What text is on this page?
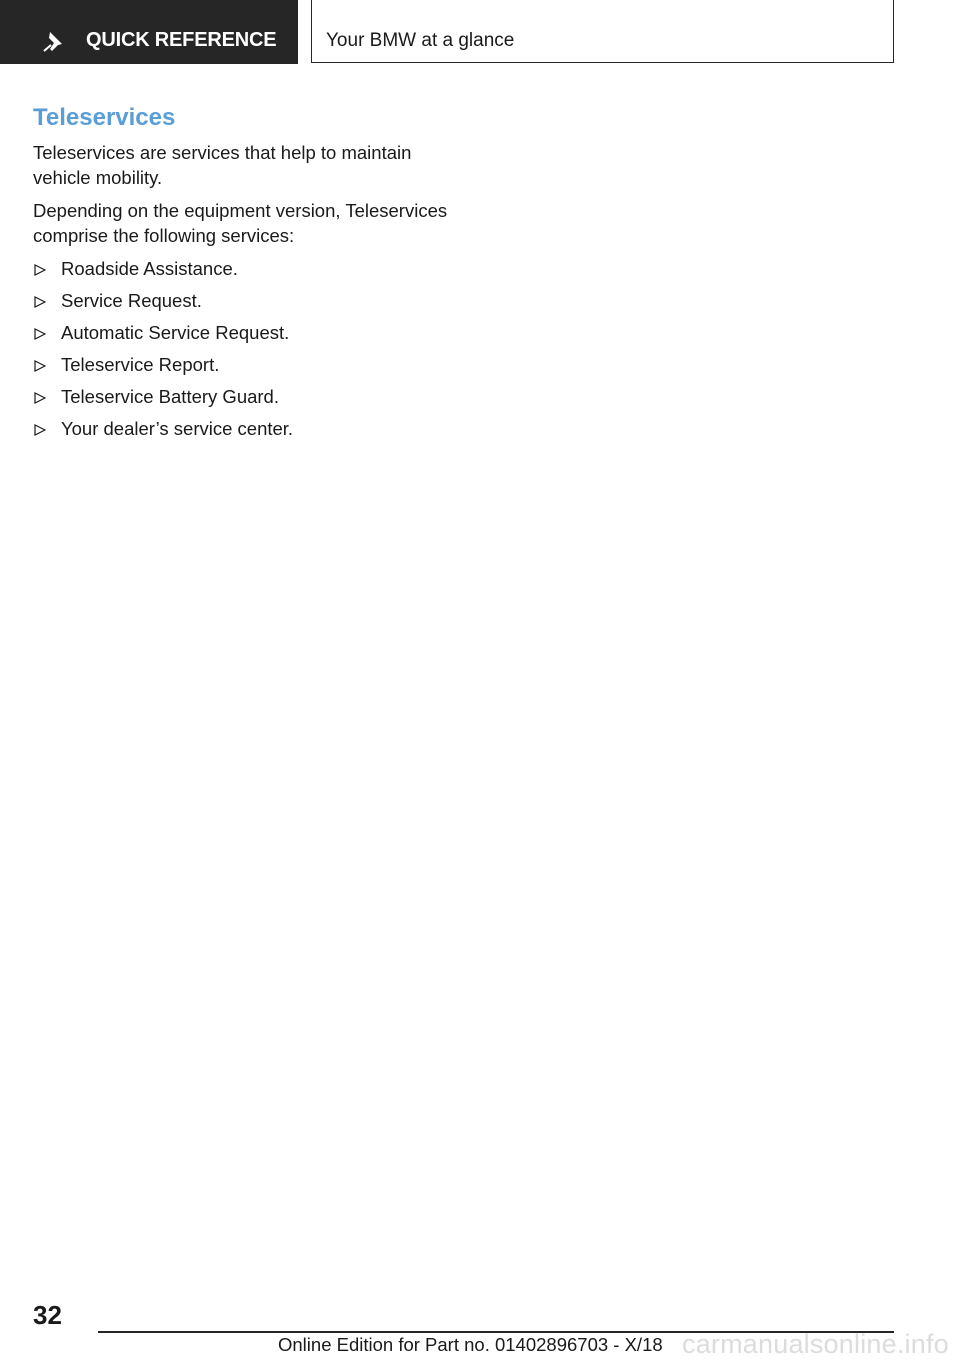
QUICK REFERENCE	Your BMW at a glance
Teleservices

Teleservices are services that help to maintain vehicle mobility.

Depending on the equipment version, Teleservices comprise the following services:

Roadside Assistance.
Service Request.
Automatic Service Request.
Teleservice Report.
Teleservice Battery Guard.
Your dealer’s service center.
32
Online Edition for Part no. 01402896703 - X/18 carmanualsonline.info
